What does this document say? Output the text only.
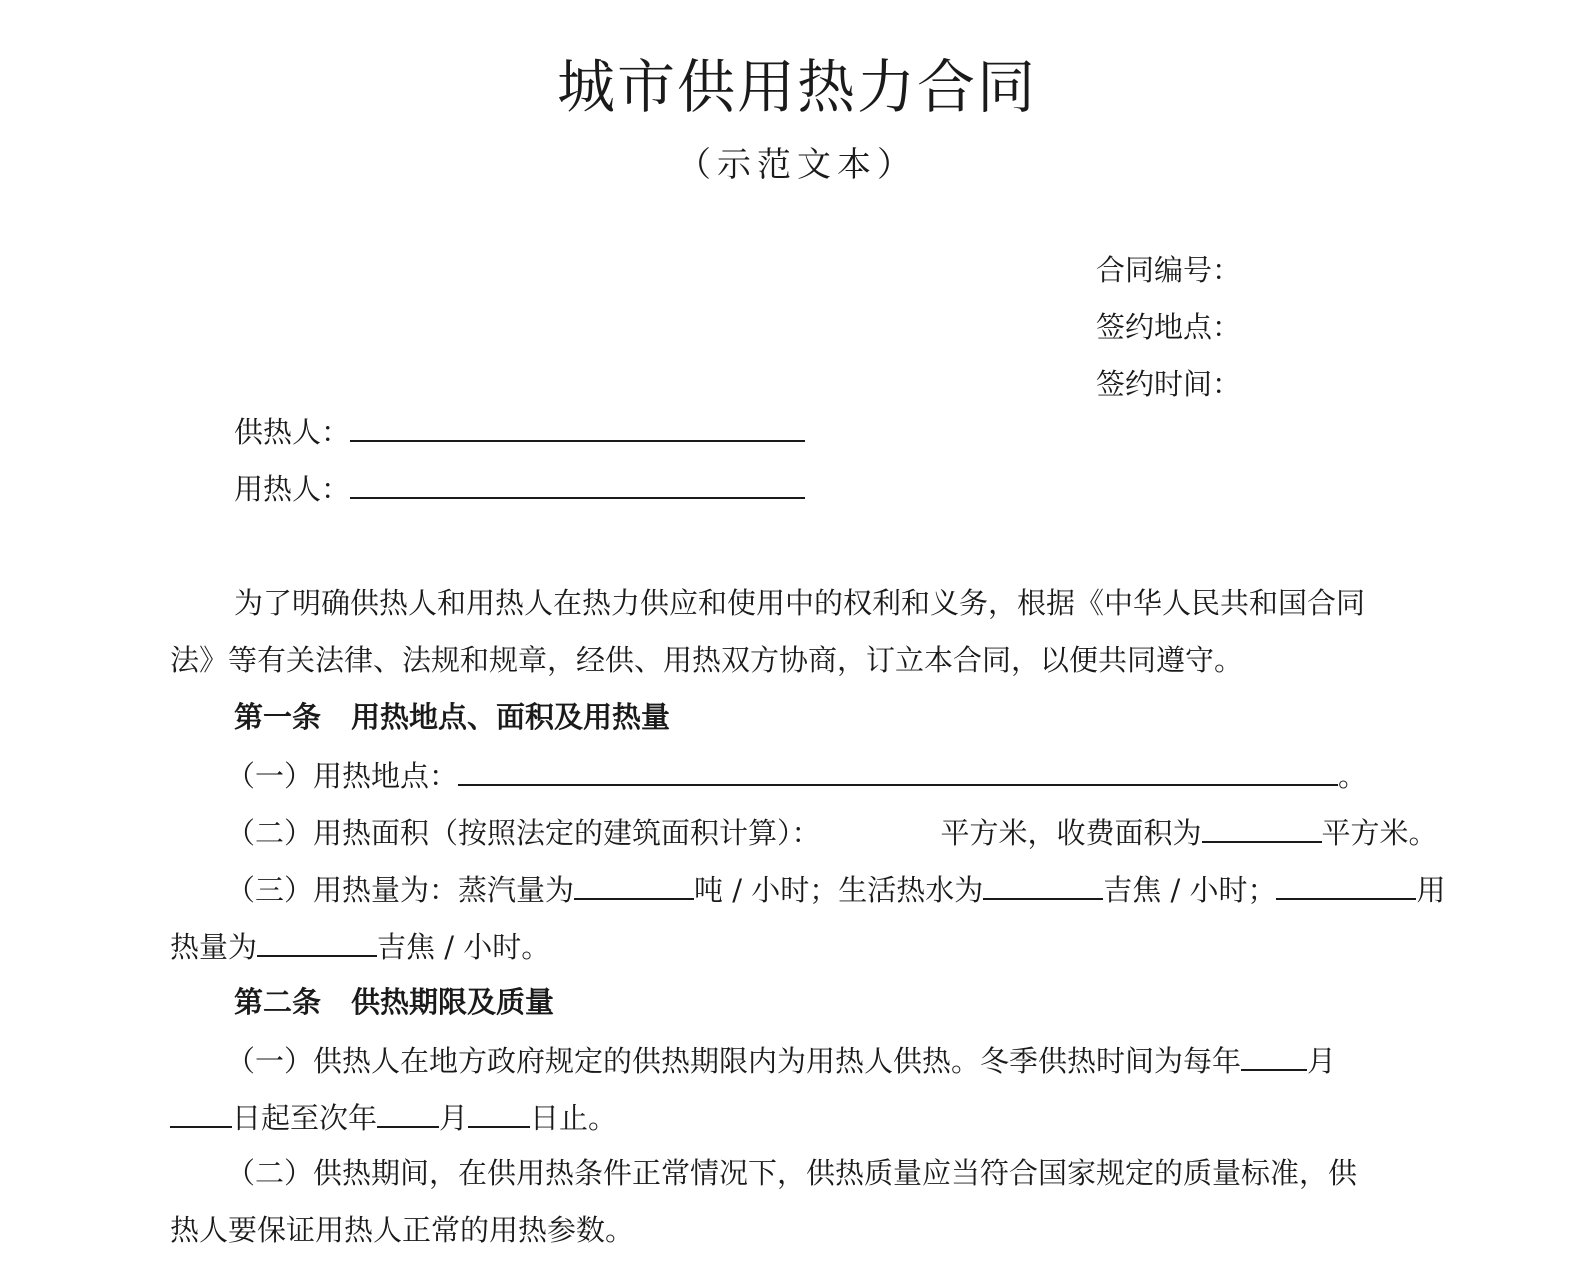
城市供用热力合同
（示范文本）
合同编号：
签约地点：
签约时间：
供热人：
用热人：
为了明确供热人和用热人在热力供应和使用中的权利和义务，根据《中华人民共和国合同
法》等有关法律、法规和规章，经供、用热双方协商，订立本合同，以便共同遵守。
第一条 用热地点、面积及用热量
（一）用热地点：	。
（二）用热面积（按照法定的建筑面积计算）：	平方米，收费面积为	平方米。
（三）用热量为：蒸汽量为	吨 / 小时；生活热水为	吉焦 / 小时；	用
热量为	吉焦 / 小时。
第二条 供热期限及质量
（一）供热人在地方政府规定的供热期限内为用热人供热。冬季供热时间为每年 月
日起至次年 月 日止。
（二）供热期间，在供用热条件正常情况下，供热质量应当符合国家规定的质量标准，供
热人要保证用热人正常的用热参数。
